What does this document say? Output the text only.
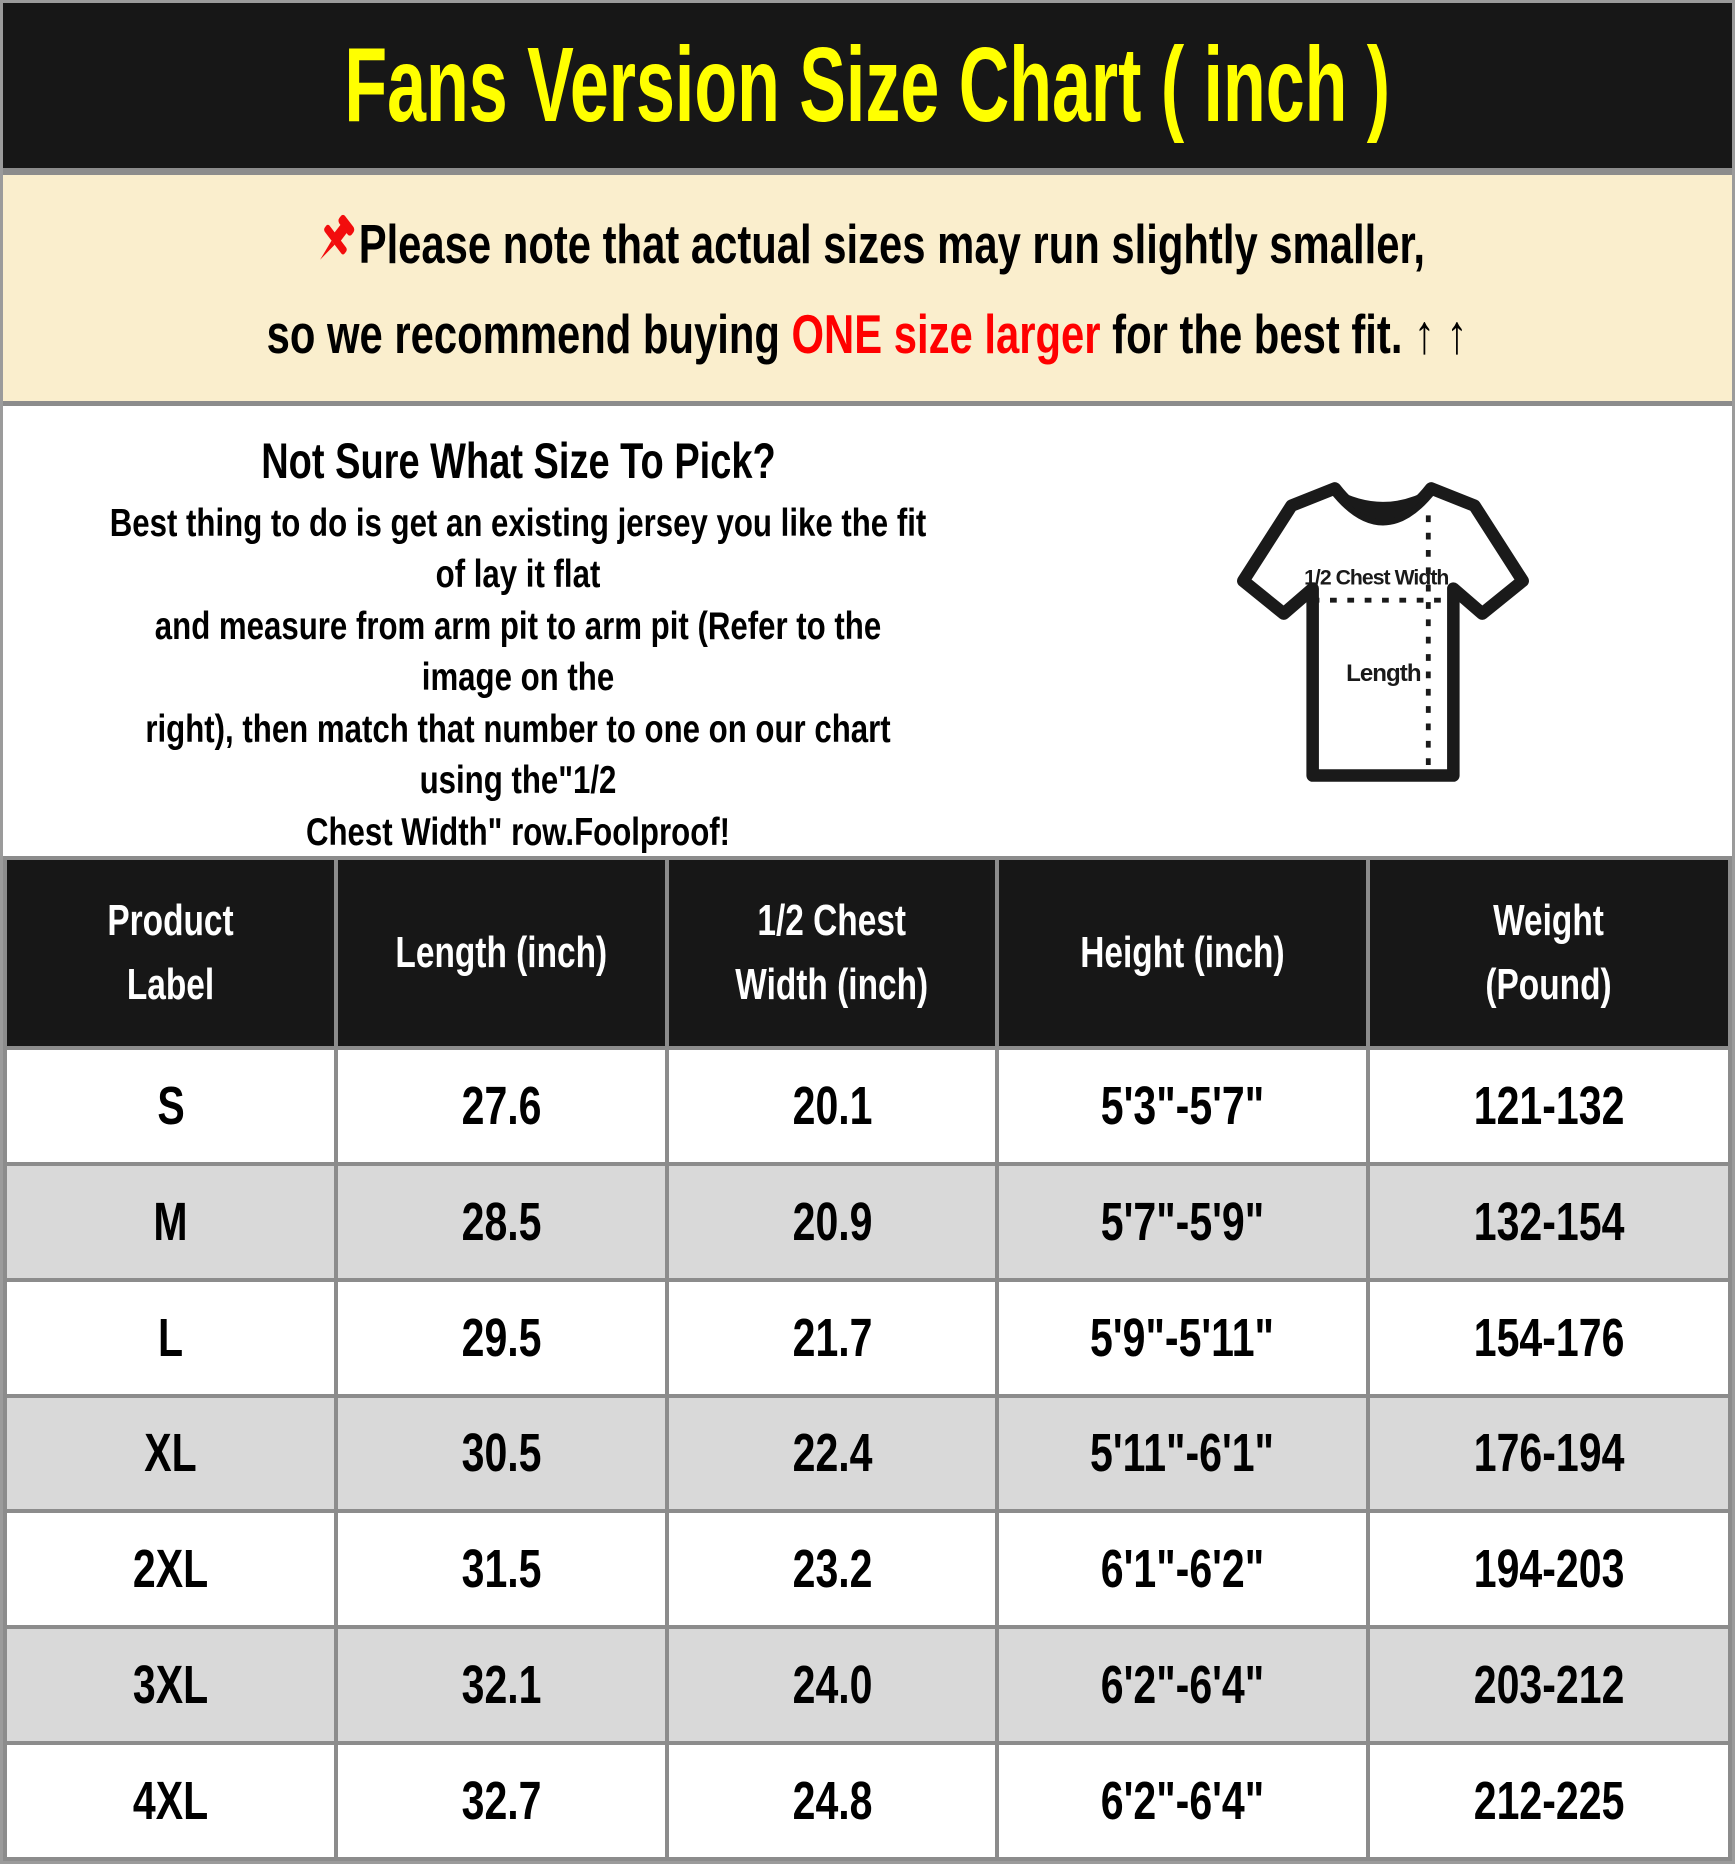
Fans Version Size Chart ( inch )
Please note that actual sizes may run slightly smaller,
so we recommend buying ONE size larger for the best fit. ↑ ↑
Not Sure What Size To Pick?
Best thing to do is get an existing jersey you like the fit of lay it flat
and measure from arm pit to arm pit (Refer to the image on the
right), then match that number to one on our chart using the"1/2
Chest Width" row.Foolproof!
1/2 Chest Width
Length
Product Label	Length (inch)	1/2 Chest Width (inch)	Height (inch)	Weight (Pound)
S	27.6	20.1	5'3"-5'7"	121-132
M	28.5	20.9	5'7"-5'9"	132-154
L	29.5	21.7	5'9"-5'11"	154-176
XL	30.5	22.4	5'11"-6'1"	176-194
2XL	31.5	23.2	6'1"-6'2"	194-203
3XL	32.1	24.0	6'2"-6'4"	203-212
4XL	32.7	24.8	6'2"-6'4"	212-225
